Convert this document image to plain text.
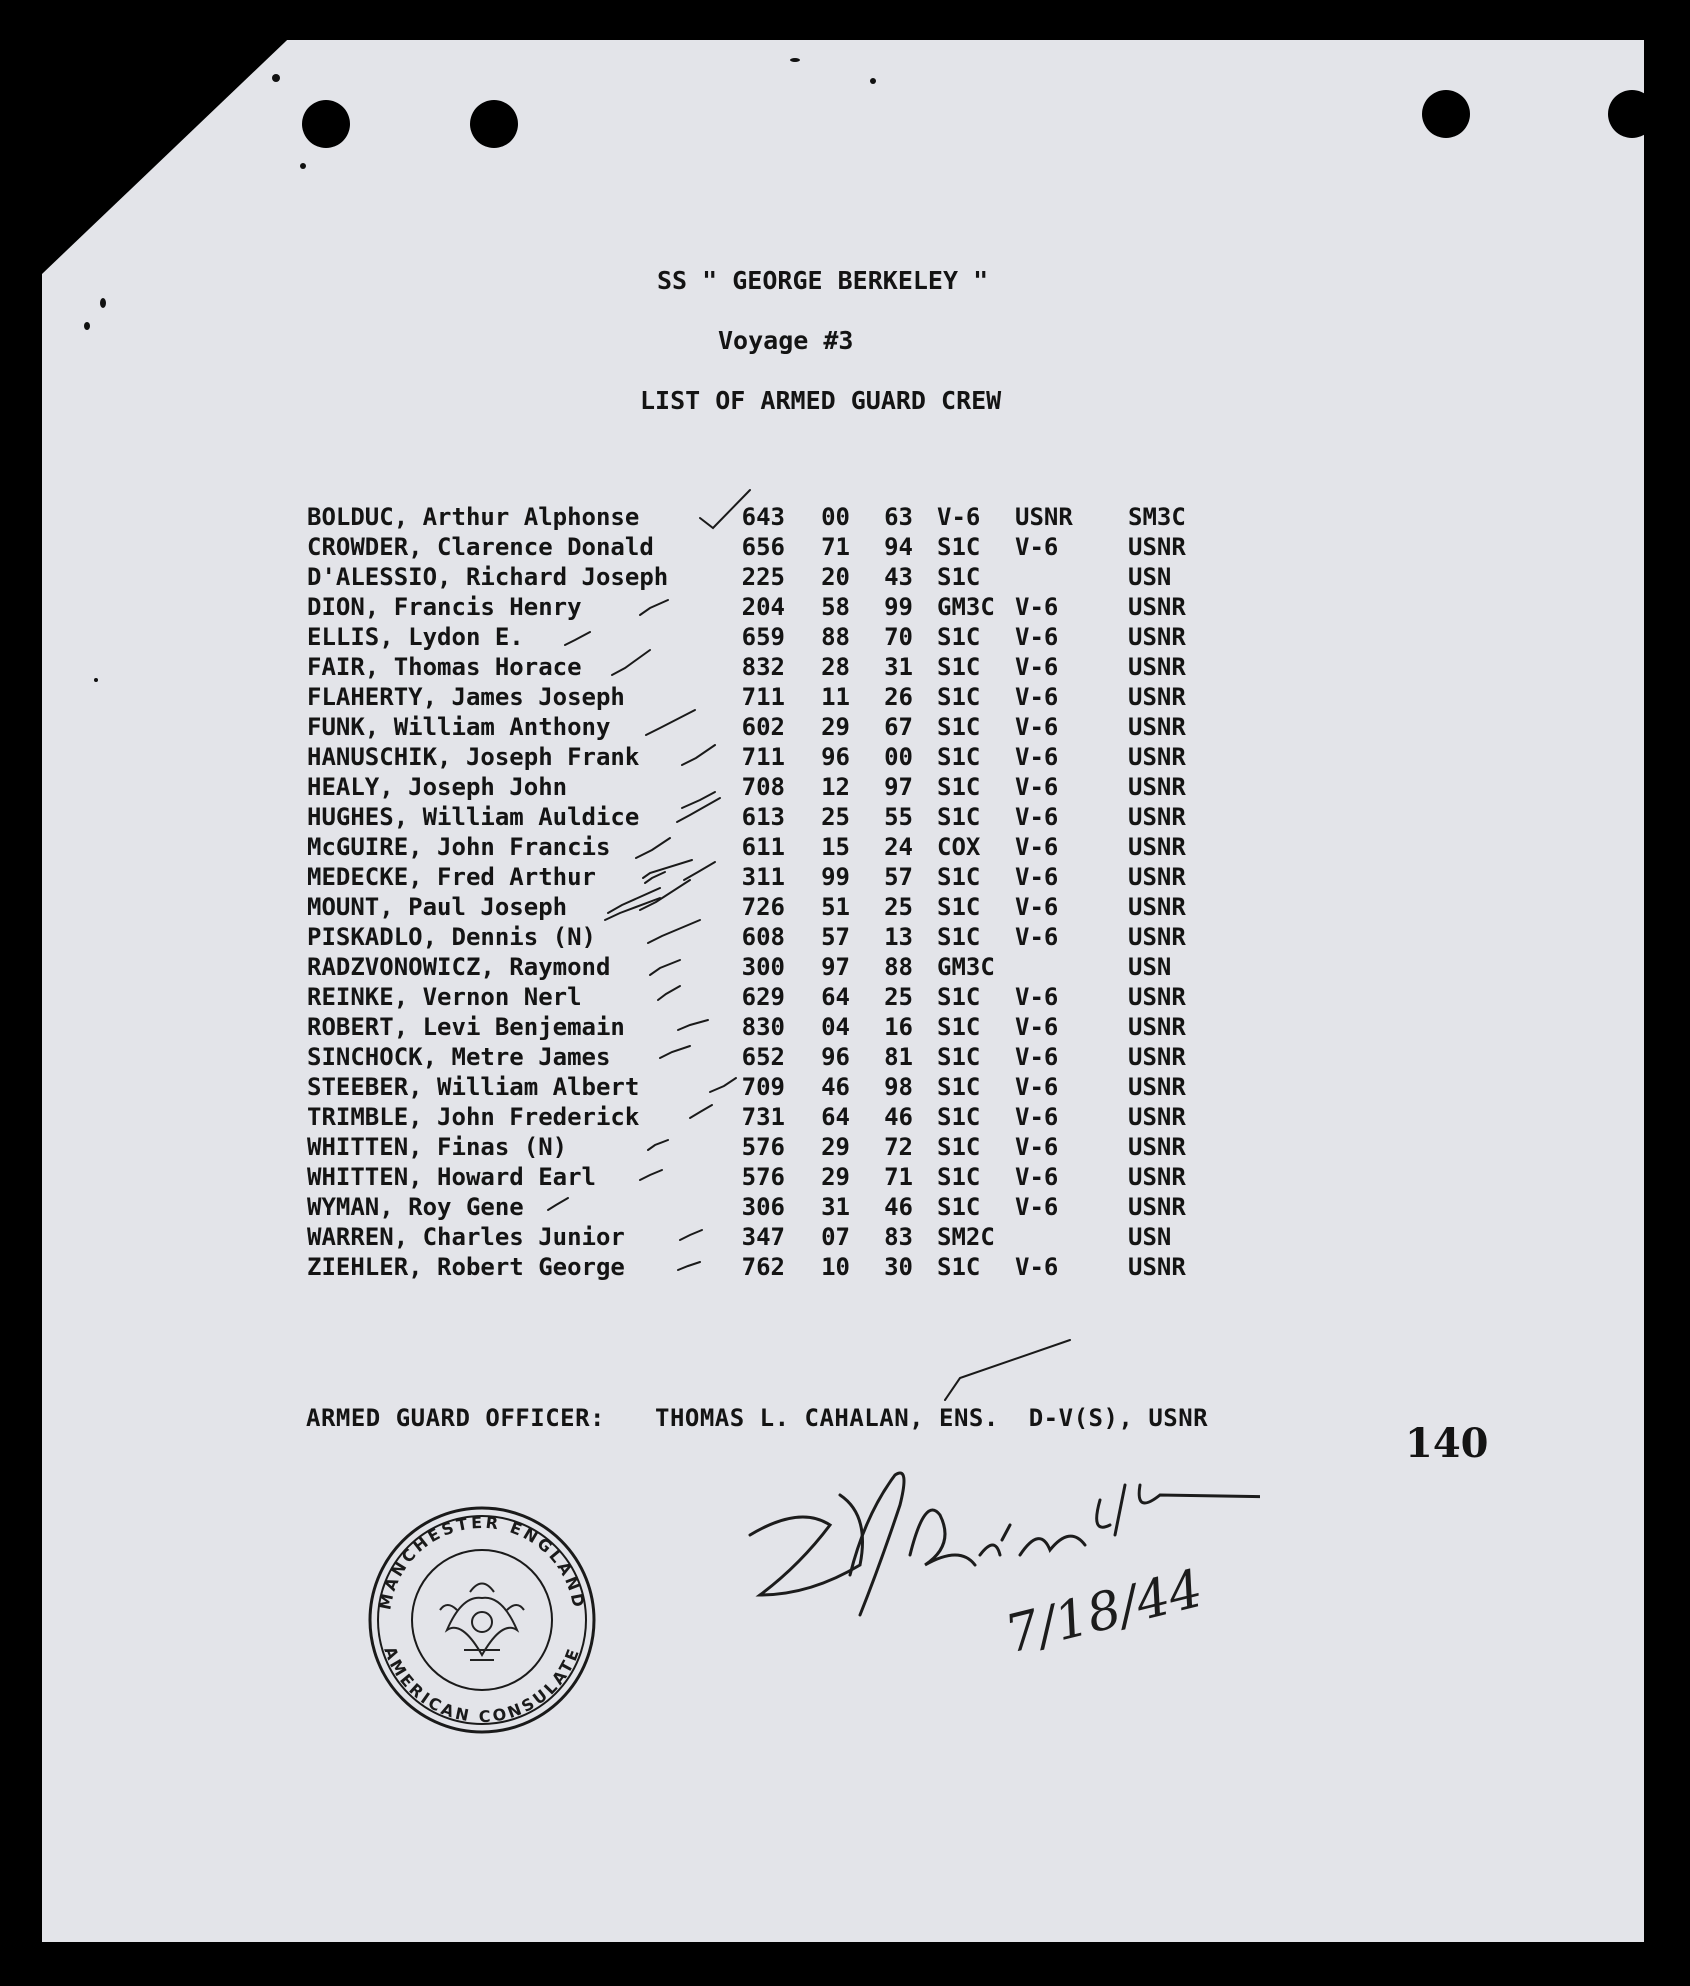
SS " GEORGE BERKELEY "
Voyage #3
LIST OF ARMED GUARD CREW
BOLDUC, Arthur Alphonse	643	00	63 V-6 USNR SM3C
CROWDER, Clarence Donald	656	71	94 S1C V-6	USNR
D'ALESSIO, Richard Joseph	225	20	43 S1C	USN
DION, Francis Henry	204	58	99 GM3C V-6	USNR
ELLIS, Lydon E.	659	88	70 S1C V-6	USNR
FAIR, Thomas Horace	832	28	31 S1C V-6	USNR
FLAHERTY, James Joseph	711	11	26 S1C V-6	USNR
FUNK, William Anthony	602	29	67 S1C V-6	USNR
HANUSCHIK, Joseph Frank	711	96	00 S1C V-6	USNR
HEALY, Joseph John	708	12	97 S1C V-6	USNR
HUGHES, William Auldice	613	25	55 S1C V-6	USNR
McGUIRE, John Francis	611	15	24 COX V-6	USNR
MEDECKE, Fred Arthur	311	99	57 S1C V-6	USNR
MOUNT, Paul Joseph	726	51	25 S1C V-6	USNR
PISKADLO, Dennis (N)	608	57	13 S1C V-6	USNR
RADZVONOWICZ, Raymond	300	97	88 GM3C	USN
REINKE, Vernon Nerl	629	64	25 S1C V-6	USNR
ROBERT, Levi Benjemain	830	04	16 S1C V-6	USNR
SINCHOCK, Metre James	652	96	81 S1C V-6	USNR
STEEBER, William Albert	709	46	98 S1C V-6	USNR
TRIMBLE, John Frederick	731	64	46 S1C V-6	USNR
WHITTEN, Finas (N)	576	29	72 S1C V-6	USNR
WHITTEN, Howard Earl	576	29	71 S1C V-6	USNR
WYMAN, Roy Gene	306	31	46 S1C V-6	USNR
WARREN, Charles Junior	347	07	83 SM2C	USN
ZIEHLER, Robert George	762	10	30 S1C V-6	USNR
ARMED GUARD OFFICER: THOMAS L. CAHALAN, ENS.  D-V(S), USNR
140
MANCHESTER ENGLAND
AMERICAN CONSULATE	7/18/44
